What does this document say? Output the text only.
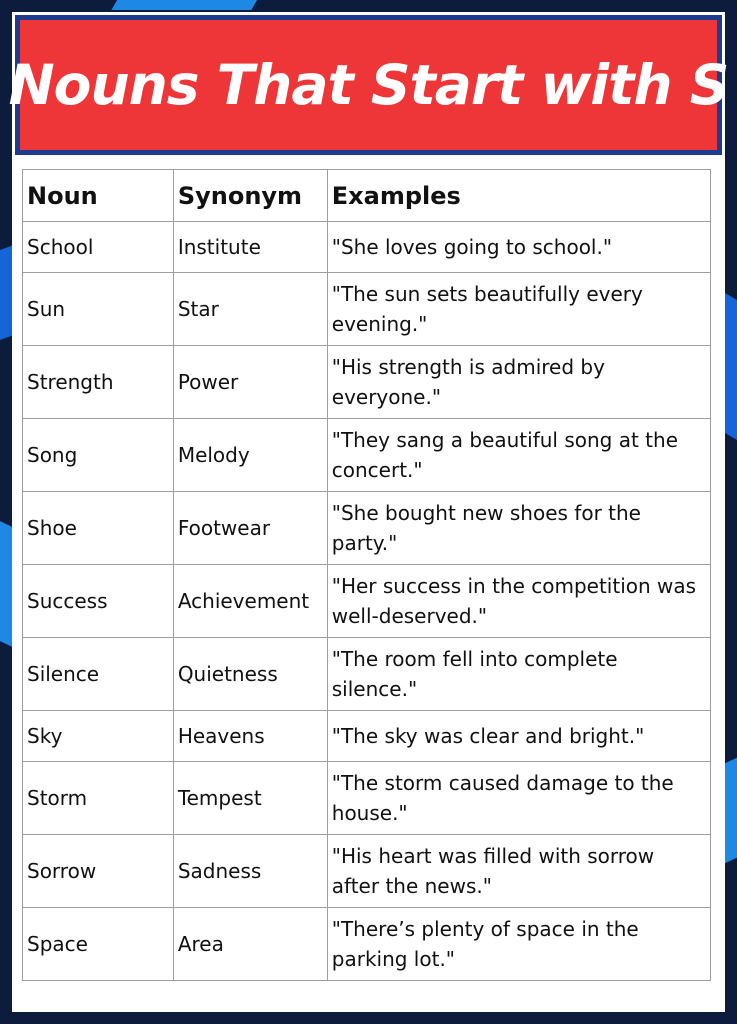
Nouns That Start with S
Noun	Synonym	Examples
School	Institute	"She loves going to school."
Sun	Star	"The sun sets beautifully every evening."
Strength	Power	"His strength is admired by everyone."
Song	Melody	"They sang a beautiful song at the concert."
Shoe	Footwear	"She bought new shoes for the party."
Success	Achievement	"Her success in the competition was well-deserved."
Silence	Quietness	"The room fell into complete silence."
Sky	Heavens	"The sky was clear and bright."
Storm	Tempest	"The storm caused damage to the house."
Sorrow	Sadness	"His heart was filled with sorrow after the news."
Space	Area	"There’s plenty of space in the parking lot."
